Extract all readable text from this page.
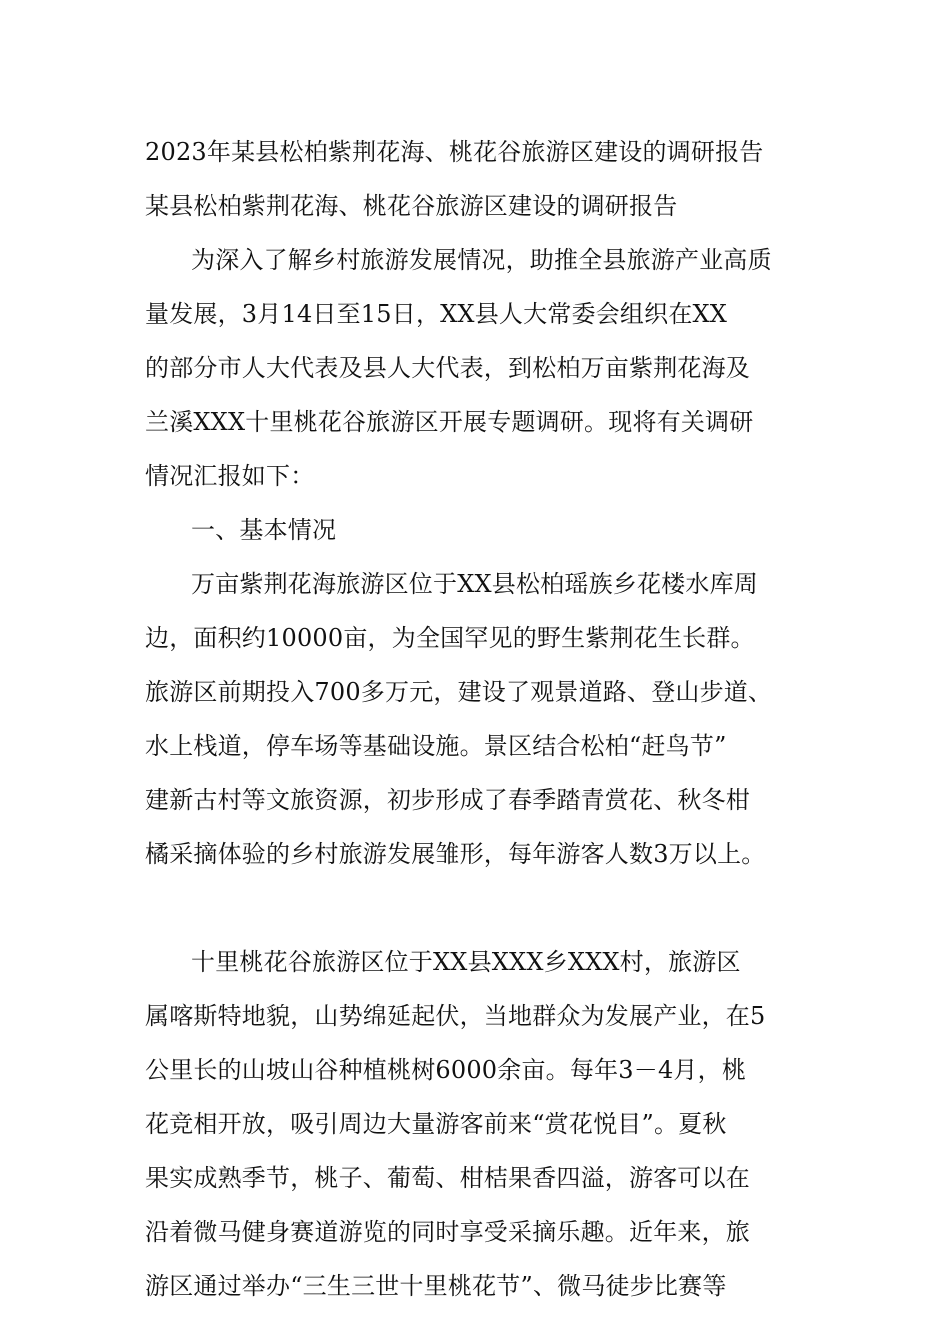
2023年某县松柏紫荆花海、桃花谷旅游区建设的调研报告
某县松柏紫荆花海、桃花谷旅游区建设的调研报告
为深入了解乡村旅游发展情况，助推全县旅游产业高质
量发展，3月14日至15日，XX县人大常委会组织在XX
的部分市人大代表及县人大代表，到松柏万亩紫荆花海及
兰溪XXX十里桃花谷旅游区开展专题调研。现将有关调研
情况汇报如下：
一、基本情况
万亩紫荆花海旅游区位于XX县松柏瑶族乡花楼水库周
边，面积约10000亩，为全国罕见的野生紫荆花生长群。
旅游区前期投入700多万元，建设了观景道路、登山步道、
水上栈道，停车场等基础设施。景区结合松柏“赶鸟节”
建新古村等文旅资源，初步形成了春季踏青赏花、秋冬柑
橘采摘体验的乡村旅游发展雏形，每年游客人数3万以上。
十里桃花谷旅游区位于XX县XXX乡XXX村，旅游区
属喀斯特地貌，山势绵延起伏，当地群众为发展产业，在5
公里长的山坡山谷种植桃树6000余亩。每年3－4月，桃
花竞相开放，吸引周边大量游客前来“赏花悦目”。夏秋
果实成熟季节，桃子、葡萄、柑桔果香四溢，游客可以在
沿着微马健身赛道游览的同时享受采摘乐趣。近年来，旅
游区通过举办“三生三世十里桃花节”、微马徒步比赛等
